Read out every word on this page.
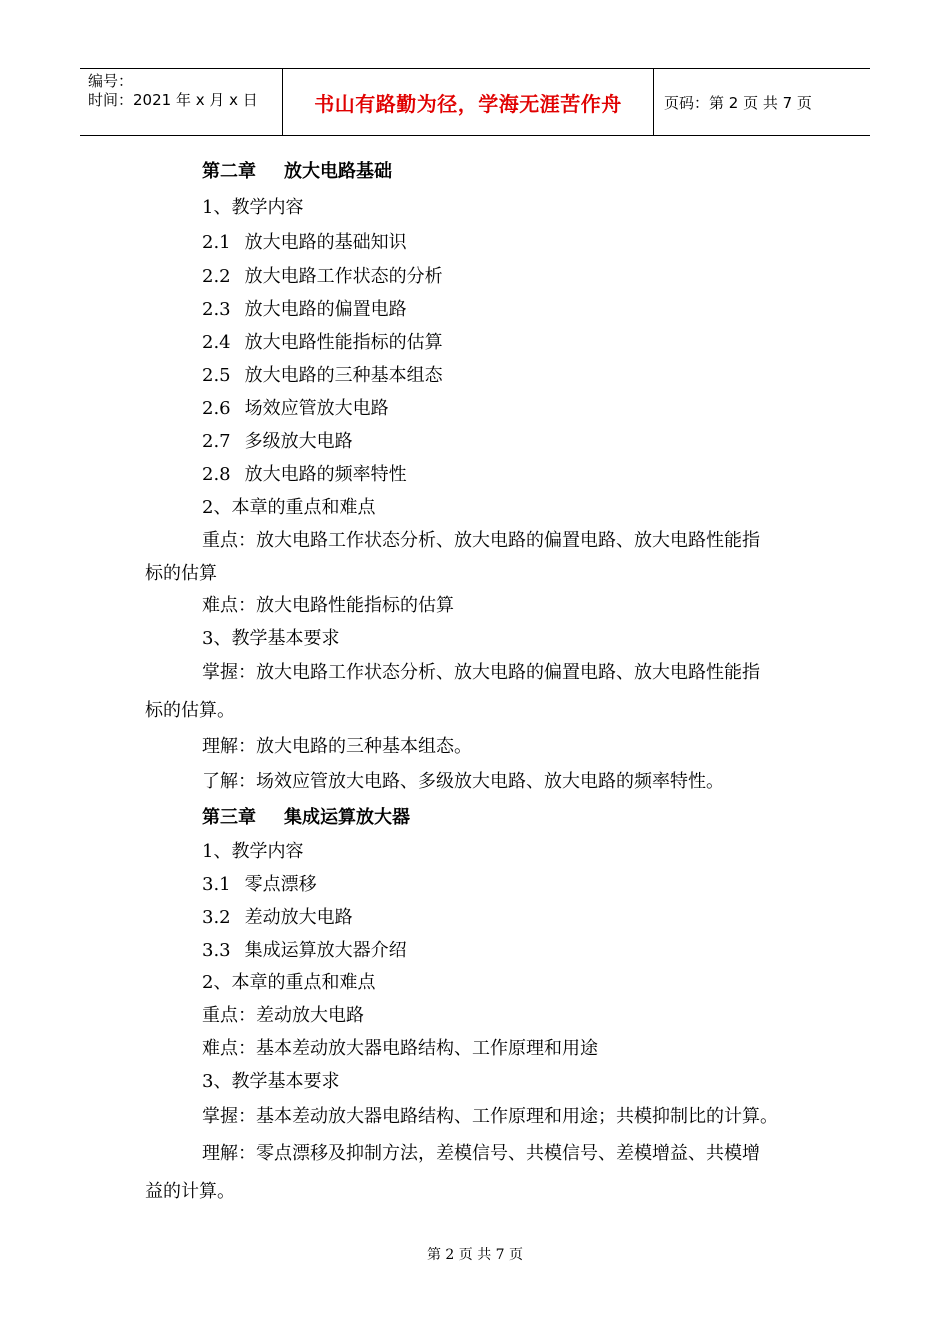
编号：
时间：2021 年 x 月 x 日	书山有路勤为径，学海无涯苦作舟	页码：第 2 页 共 7 页
第二章 放大电路基础
1、教学内容
2.1 放大电路的基础知识
2.2 放大电路工作状态的分析
2.3 放大电路的偏置电路
2.4 放大电路性能指标的估算
2.5 放大电路的三种基本组态
2.6 场效应管放大电路
2.7 多级放大电路
2.8 放大电路的频率特性
2、本章的重点和难点
重点：放大电路工作状态分析、放大电路的偏置电路、放大电路性能指
标的估算
难点：放大电路性能指标的估算
3、教学基本要求
掌握：放大电路工作状态分析、放大电路的偏置电路、放大电路性能指
标的估算。
理解：放大电路的三种基本组态。
了解：场效应管放大电路、多级放大电路、放大电路的频率特性。
第三章 集成运算放大器
1、教学内容
3.1 零点漂移
3.2 差动放大电路
3.3 集成运算放大器介绍
2、本章的重点和难点
重点：差动放大电路
难点：基本差动放大器电路结构、工作原理和用途
3、教学基本要求
掌握：基本差动放大器电路结构、工作原理和用途；共模抑制比的计算。
理解：零点漂移及抑制方法，差模信号、共模信号、差模增益、共模增
益的计算。
第 2 页 共 7 页
